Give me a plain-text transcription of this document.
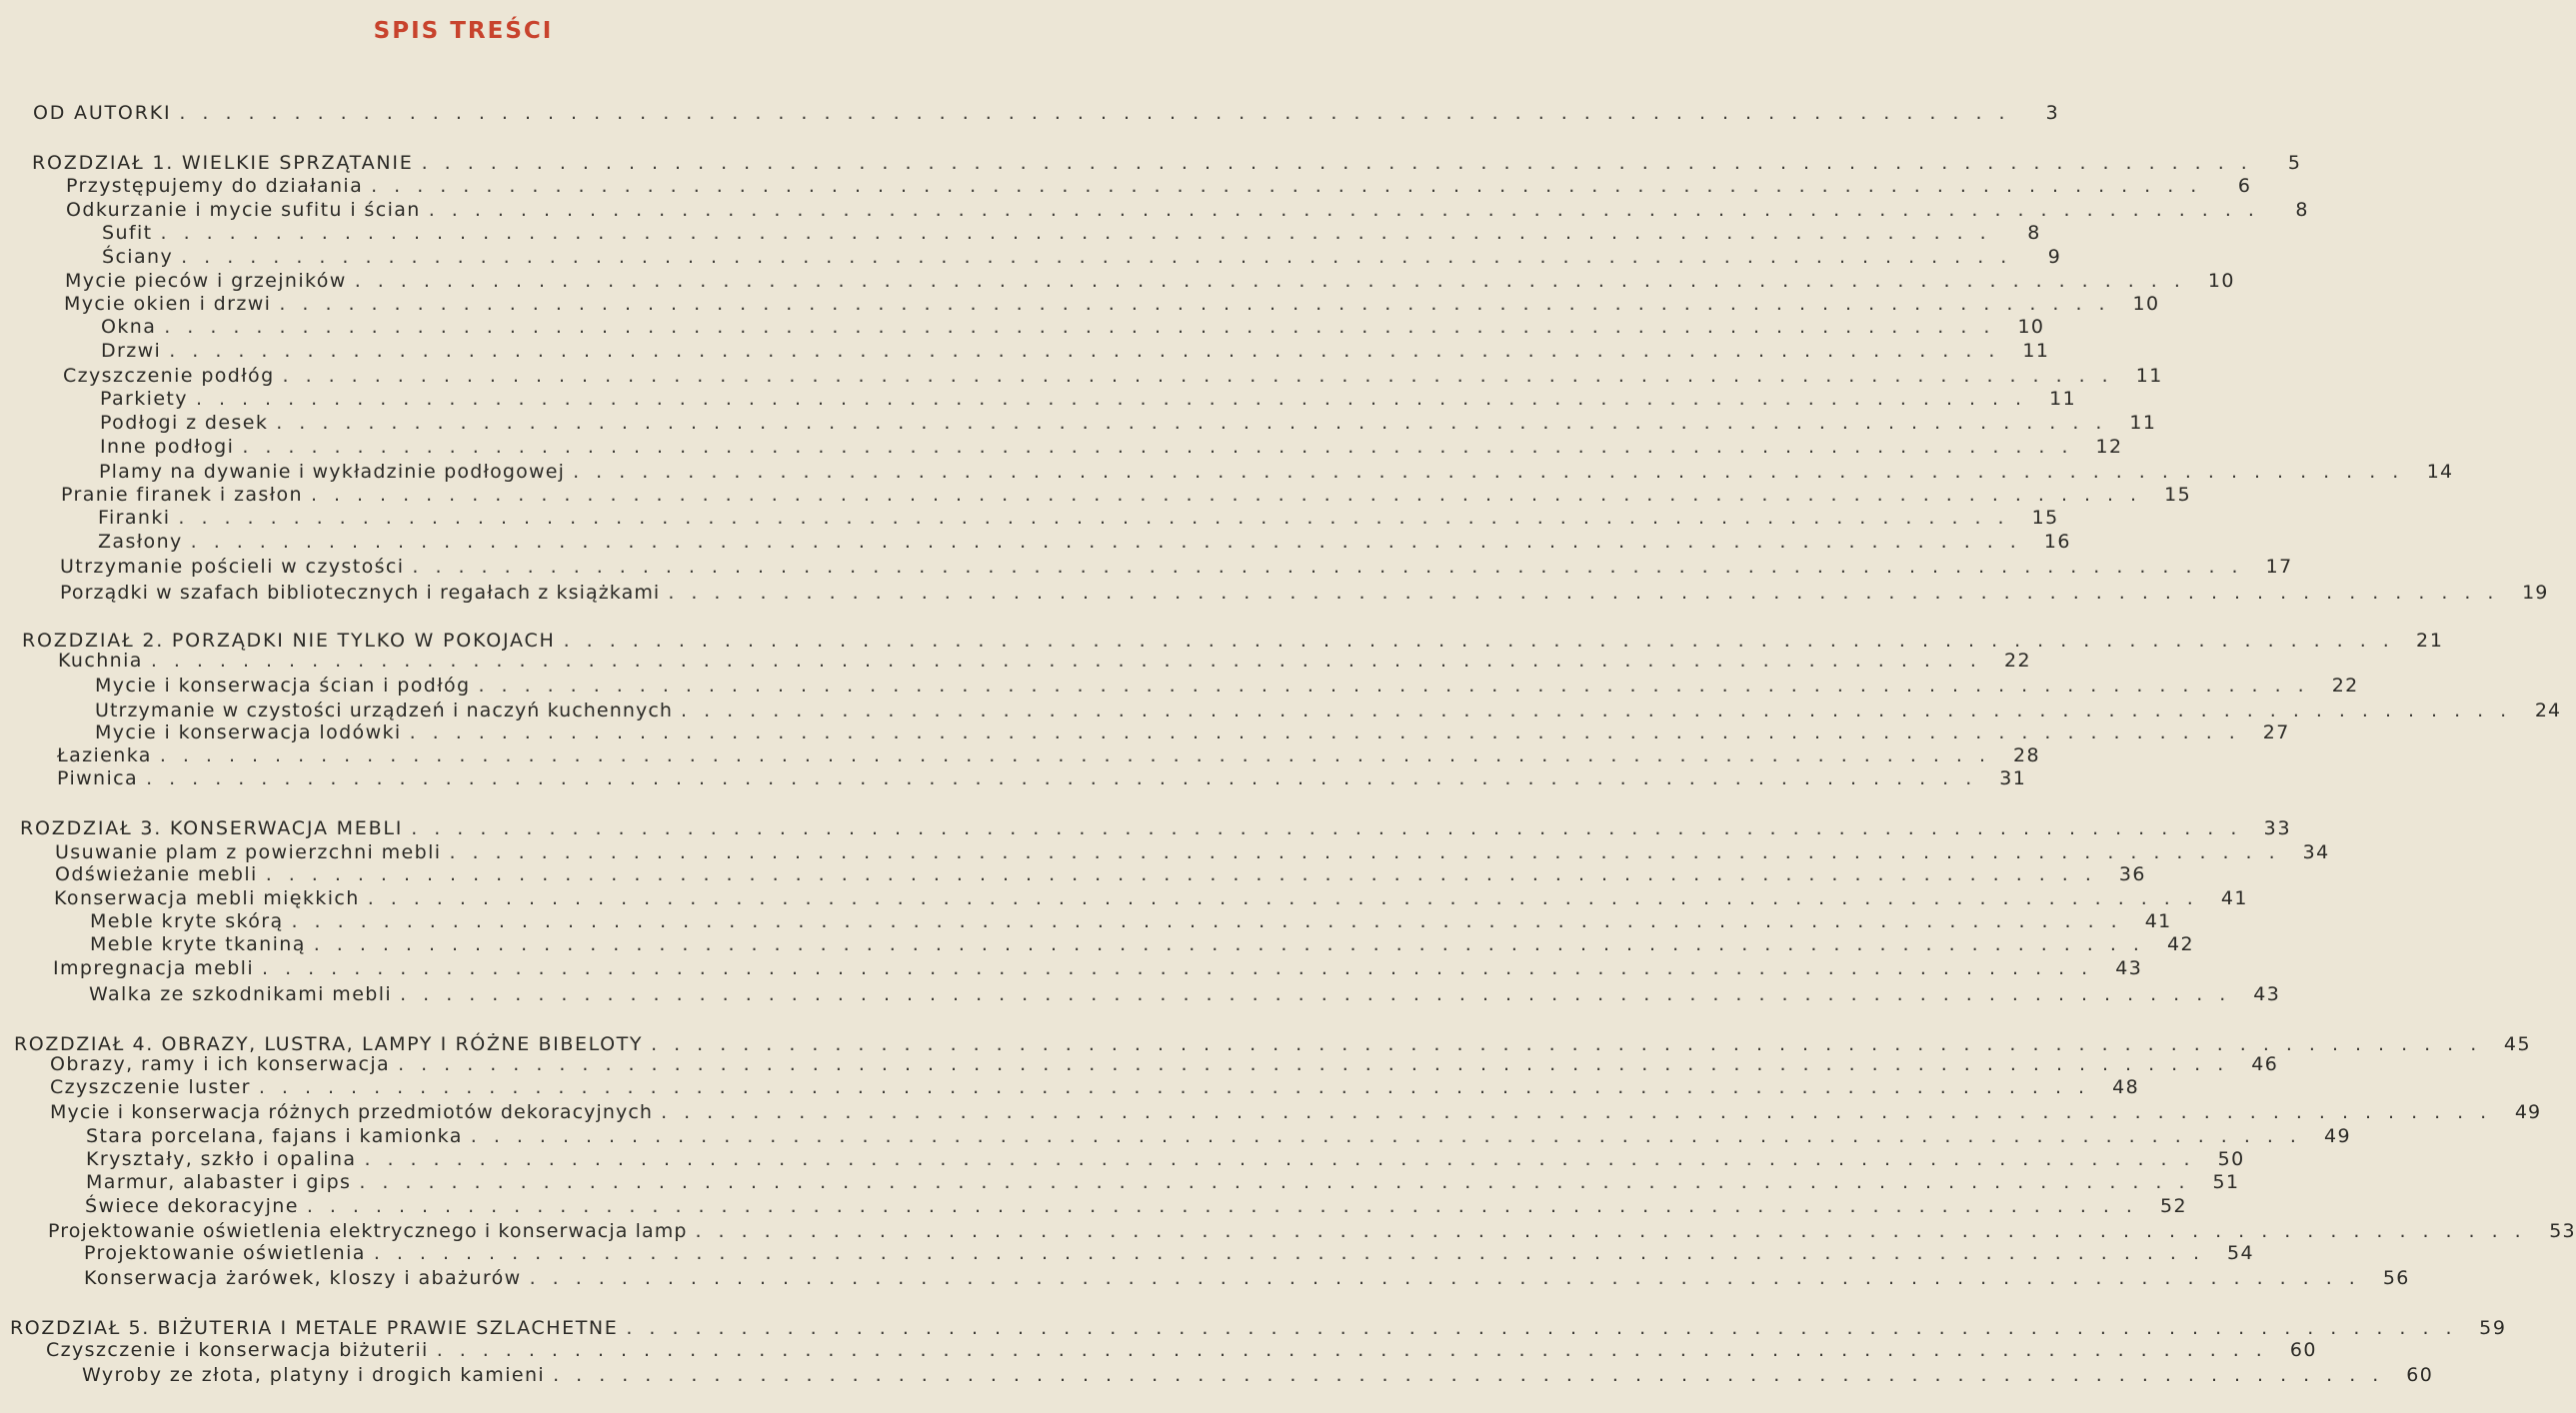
SPIS TREŚCI
OD AUTORKI ................................................................................	3
ROZDZIAŁ 1. WIELKIE SPRZĄTANIE ................................................................................	5
Przystępujemy do działania ................................................................................	6
Odkurzanie i mycie sufitu i ścian ................................................................................	8
Sufit ................................................................................	8
Ściany ................................................................................	9
Mycie pieców i grzejników ................................................................................ 10
Mycie okien i drzwi ................................................................................ 10
Okna ................................................................................ 10
Drzwi ................................................................................ 11
Czyszczenie podłóg ................................................................................ 11
Parkiety ................................................................................ 11
Podłogi z desek ................................................................................ 11
Inne podłogi ................................................................................ 12
Plamy na dywanie i wykładzinie podłogowej ................................................................................ 14
Pranie firanek i zasłon ................................................................................ 15
Firanki ................................................................................ 15
Zasłony ................................................................................ 16
Utrzymanie pościeli w czystości ................................................................................ 17
Porządki w szafach bibliotecznych i regałach z książkami ................................................................................ 19
ROZDZIAŁ 2. PORZĄDKI NIE TYLKO W POKOJACH ................................................................................ 21
Kuchnia ................................................................................ 22
Mycie i konserwacja ścian i podłóg ................................................................................ 22
Utrzymanie w czystości urządzeń i naczyń kuchennych ................................................................................ 24
Mycie i konserwacja lodówki ................................................................................ 27
Łazienka ................................................................................ 28
Piwnica ................................................................................ 31
ROZDZIAŁ 3. KONSERWACJA MEBLI ................................................................................ 33
Usuwanie plam z powierzchni mebli ................................................................................ 34
Odświeżanie mebli ................................................................................ 36
Konserwacja mebli miękkich ................................................................................ 41
Meble kryte skórą ................................................................................ 41
Meble kryte tkaniną ................................................................................ 42
Impregnacja mebli ................................................................................ 43
Walka ze szkodnikami mebli ................................................................................ 43
ROZDZIAŁ 4. OBRAZY, LUSTRA, LAMPY I RÓŻNE BIBELOTY ................................................................................ 45
Obrazy, ramy i ich konserwacja ................................................................................ 46
Czyszczenie luster ................................................................................ 48
Mycie i konserwacja różnych przedmiotów dekoracyjnych ................................................................................ 49
Stara porcelana, fajans i kamionka ................................................................................ 49
Kryształy, szkło i opalina ................................................................................ 50
Marmur, alabaster i gips ................................................................................ 51
Świece dekoracyjne ................................................................................ 52
Projektowanie oświetlenia elektrycznego i konserwacja lamp ................................................................................ 53
Projektowanie oświetlenia ................................................................................ 54
Konserwacja żarówek, kloszy i abażurów ................................................................................ 56
ROZDZIAŁ 5. BIŻUTERIA I METALE PRAWIE SZLACHETNE ................................................................................ 59
Czyszczenie i konserwacja biżuterii ................................................................................ 60
Wyroby ze złota, platyny i drogich kamieni ................................................................................ 60
